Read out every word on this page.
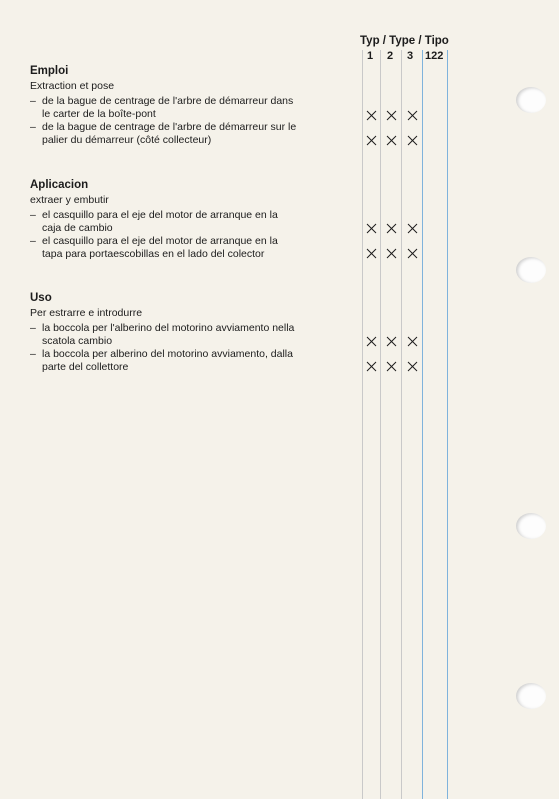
Typ / Type / Tipo
1 2 3 122
Emploi
Extraction et pose
– de la bague de centrage de l'arbre de démarreur dans
le carter de la boîte-pont
– de la bague de centrage de l'arbre de démarreur sur le
palier du démarreur (côté collecteur)
Aplicacion
extraer y embutir
– el casquillo para el eje del motor de arranque en la
caja de cambio
– el casquillo para el eje del motor de arranque en la
tapa para portaescobillas en el lado del colector
Uso
Per estrarre e introdurre
– la boccola per l'alberino del motorino avviamento nella
scatola cambio
– la boccola per alberino del motorino avviamento, dalla
parte del collettore
